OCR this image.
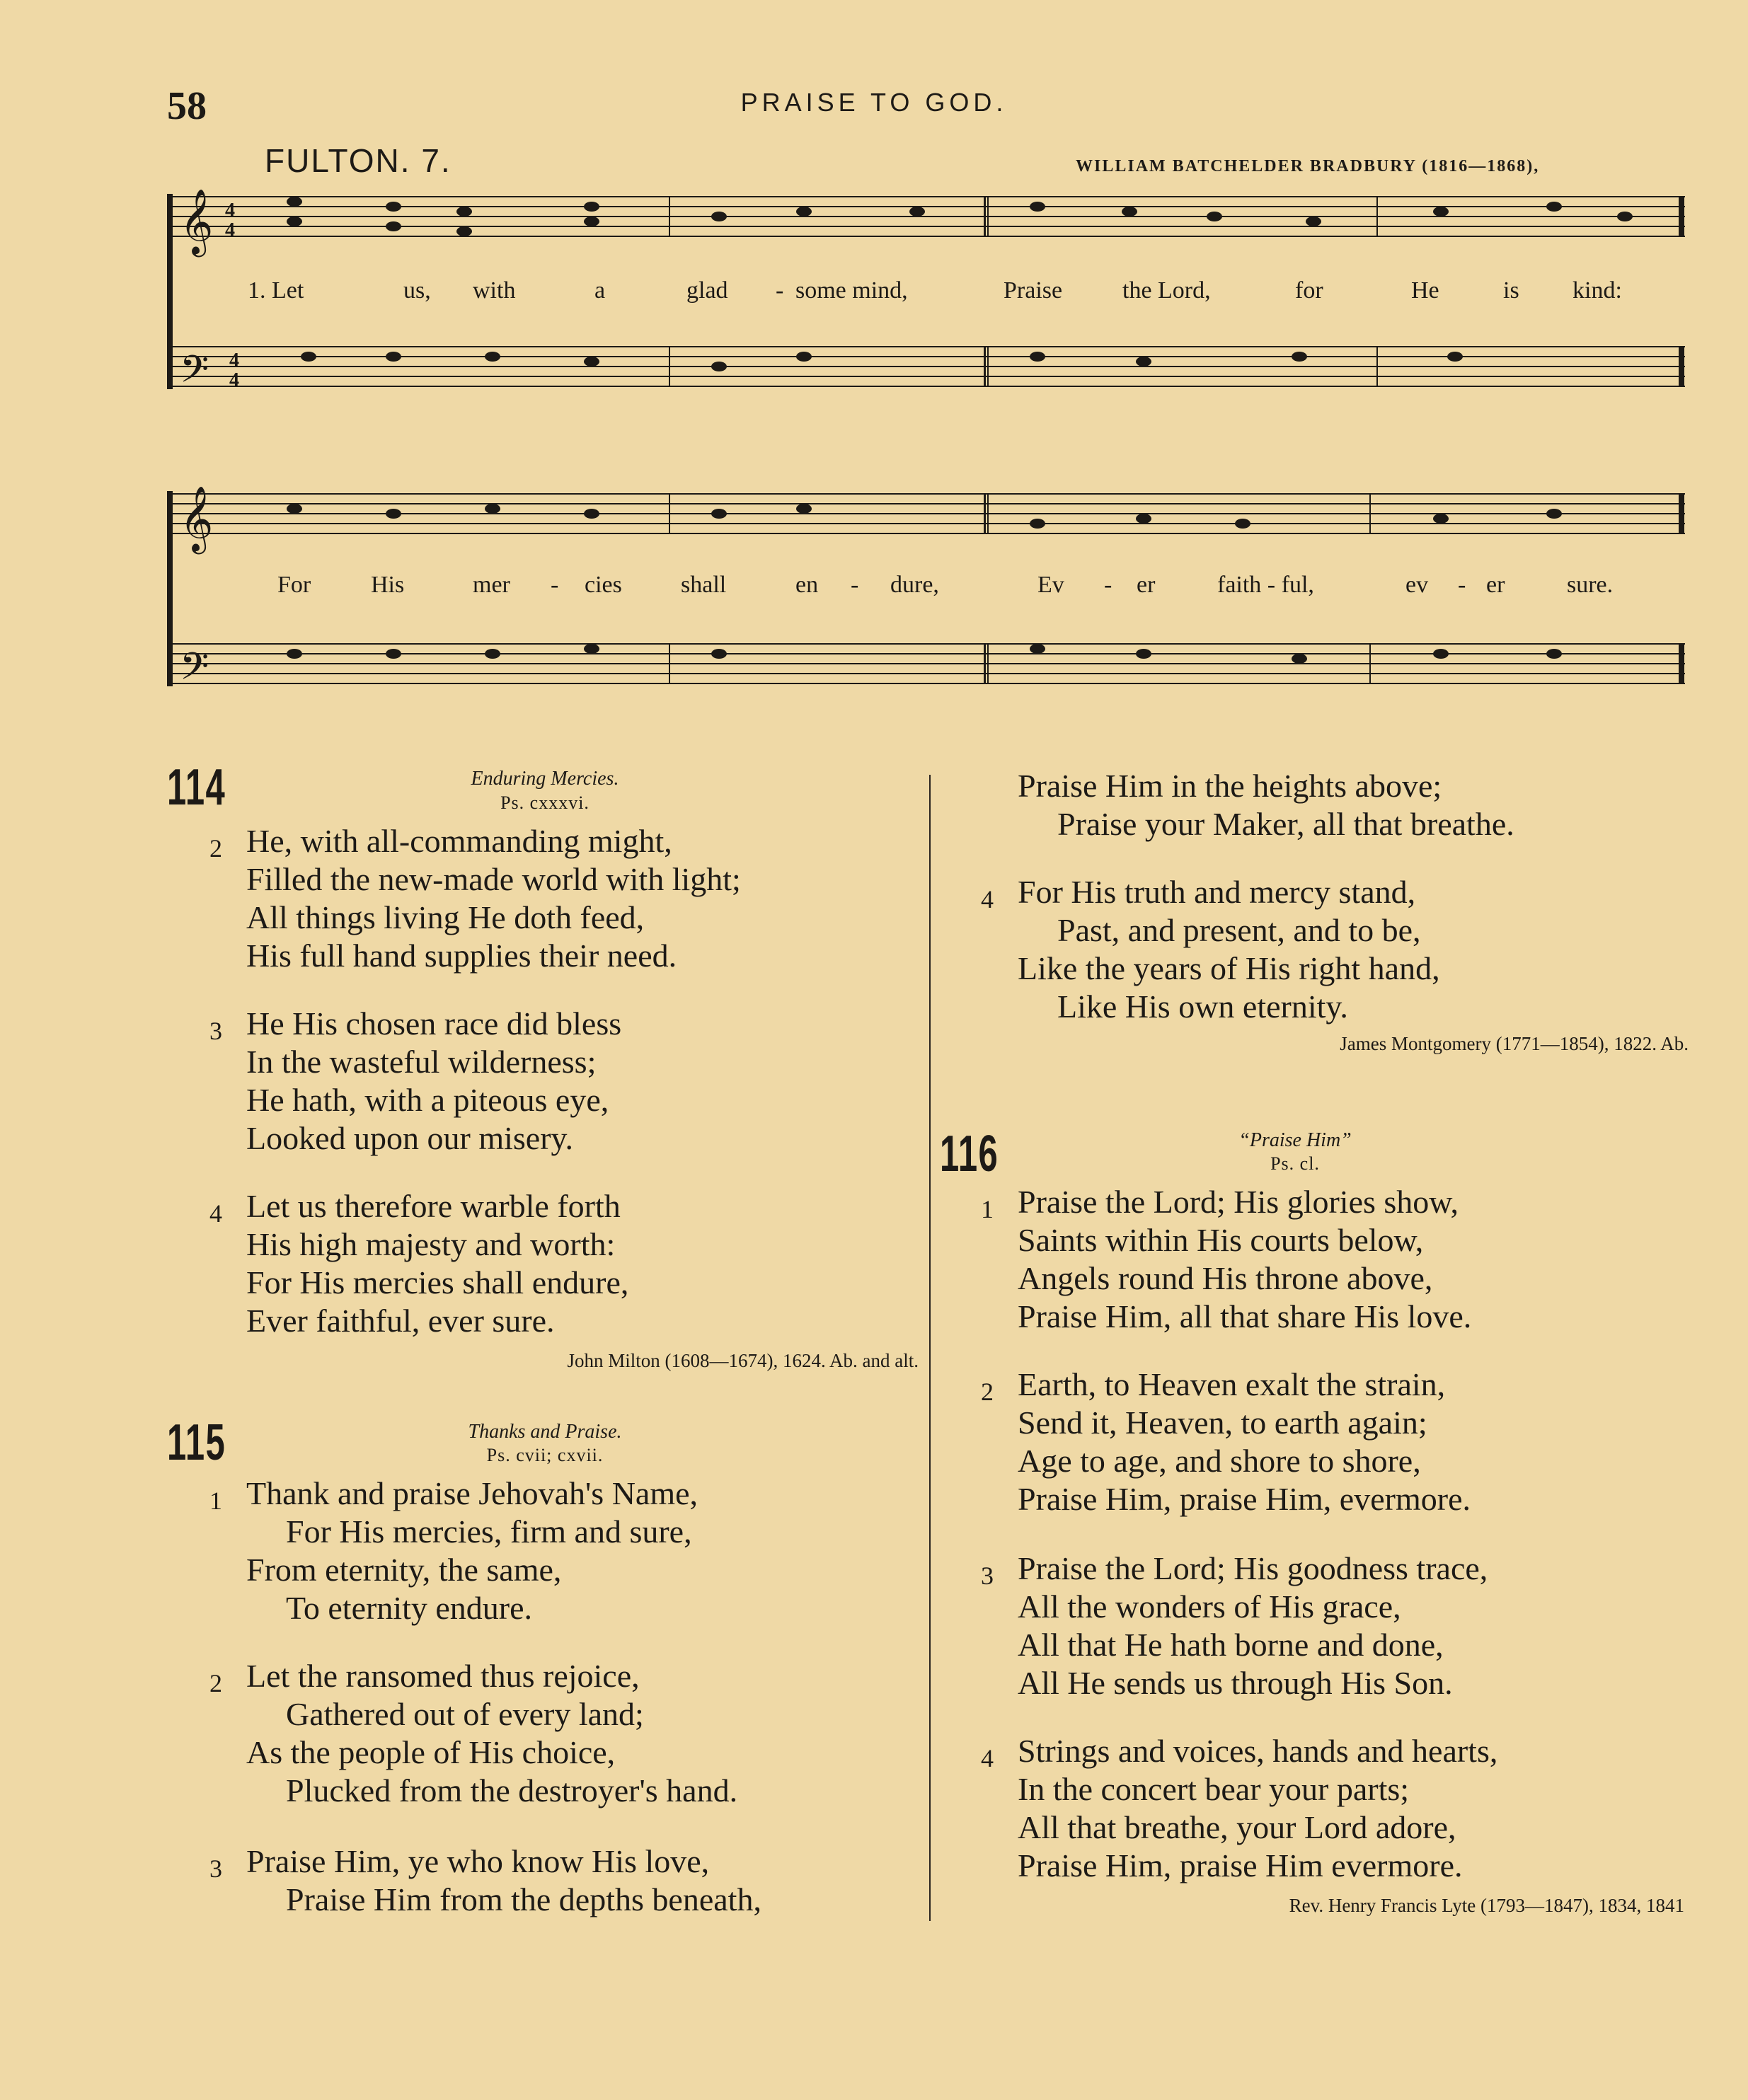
58	PRAISE TO GOD.
FULTON. 7.	WILLIAM BATCHELDER BRADBURY (1816—1868),
𝄞
𝄢
𝄞
𝄢
4
4
4
4
1. Let	us, with	a	glad - some mind,	Praise the Lord,	for	He	is kind:
For His	mer - cies shall	en - dure,	Ev - er	faith - ful,	ev - er	sure.
114	Enduring Mercies.
Ps. cxxxvi.
2 He, with all-commanding might,
Filled the new-made world with light;
All things living He doth feed,
His full hand supplies their need.
3 He His chosen race did bless
In the wasteful wilderness;
He hath, with a piteous eye,
Looked upon our misery.
4 Let us therefore warble forth
His high majesty and worth:
For His mercies shall endure,
Ever faithful, ever sure.
John Milton (1608—1674), 1624. Ab. and alt.
115	Thanks and Praise.
Ps. cvii; cxvii.
1 Thank and praise Jehovah's Name,
For His mercies, firm and sure,
From eternity, the same,
To eternity endure.
2 Let the ransomed thus rejoice,
Gathered out of every land;
As the people of His choice,
Plucked from the destroyer's hand.
3 Praise Him, ye who know His love,
Praise Him from the depths beneath,
Praise Him in the heights above;
Praise your Maker, all that breathe.
4 For His truth and mercy stand,
Past, and present, and to be,
Like the years of His right hand,
Like His own eternity.
James Montgomery (1771—1854), 1822. Ab.
116	“Praise Him”
Ps. cl.
1 Praise the Lord; His glories show,
Saints within His courts below,
Angels round His throne above,
Praise Him, all that share His love.
2 Earth, to Heaven exalt the strain,
Send it, Heaven, to earth again;
Age to age, and shore to shore,
Praise Him, praise Him, evermore.
3 Praise the Lord; His goodness trace,
All the wonders of His grace,
All that He hath borne and done,
All He sends us through His Son.
4 Strings and voices, hands and hearts,
In the concert bear your parts;
All that breathe, your Lord adore,
Praise Him, praise Him evermore.
Rev. Henry Francis Lyte (1793—1847), 1834, 1841
